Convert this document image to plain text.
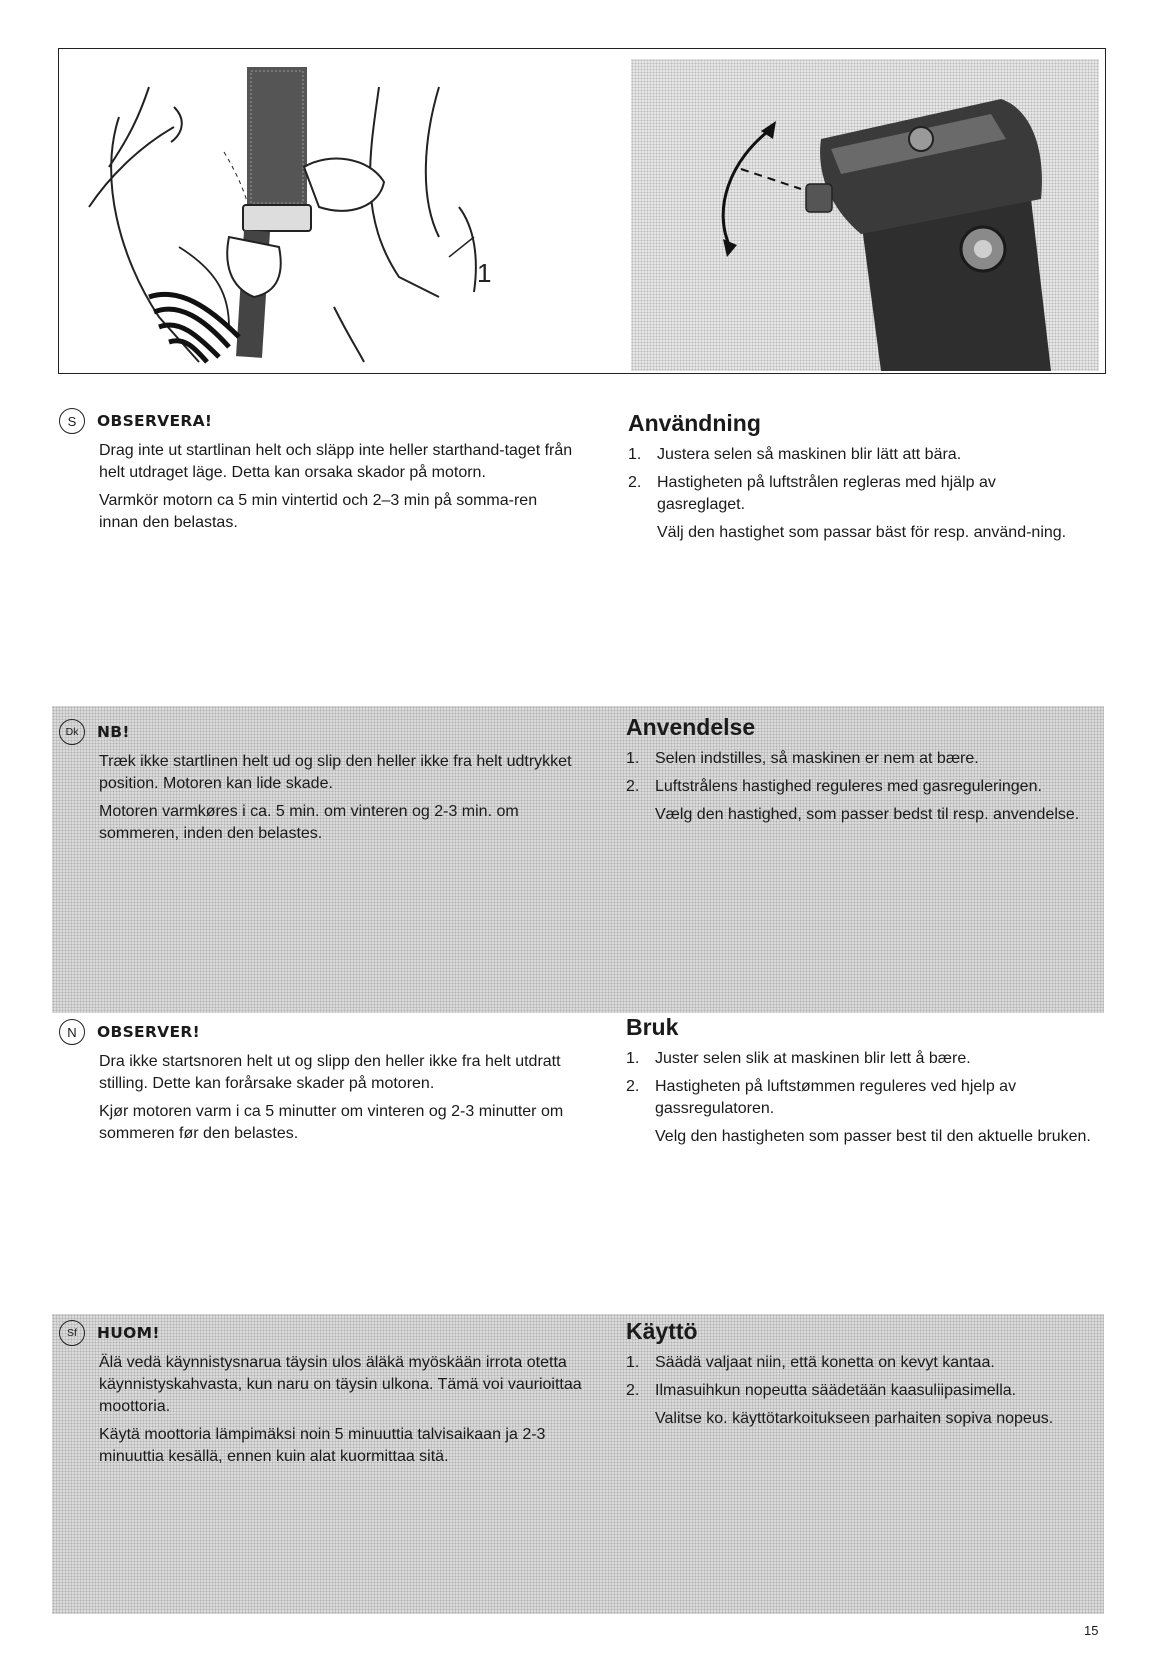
1
S	OBSERVERA!

Drag inte ut startlinan helt och släpp inte heller starthand-taget från helt utdraget läge. Detta kan orsaka skador på motorn.

Varmkör motorn ca 5 min vintertid och 2–3 min på somma-ren innan den belastas.

Användning
1. Justera selen så maskinen blir lätt att bära.
2. Hastigheten på luftstrålen regleras med hjälp av gasreglaget.
Välj den hastighet som passar bäst för resp. använd-ning.
Dk	NB!

Træk ikke startlinen helt ud og slip den heller ikke fra helt udtrykket position. Motoren kan lide skade.

Motoren varmkøres i ca. 5 min. om vinteren og 2-3 min. om sommeren, inden den belastes.

Anvendelse
1. Selen indstilles, så maskinen er nem at bære.
2. Luftstrålens hastighed reguleres med gasreguleringen.
Vælg den hastighed, som passer bedst til resp. anvendelse.
N	OBSERVER!

Dra ikke startsnoren helt ut og slipp den heller ikke fra helt utdratt stilling. Dette kan forårsake skader på motoren.

Kjør motoren varm i ca 5 minutter om vinteren og 2-3 minutter om sommeren før den belastes.

Bruk
1. Juster selen slik at maskinen blir lett å bære.
2. Hastigheten på luftstømmen reguleres ved hjelp av gassregulatoren.
Velg den hastigheten som passer best til den aktuelle bruken.
Sf	HUOM!

Älä vedä käynnistysnarua täysin ulos äläkä myöskään irrota otetta käynnistyskahvasta, kun naru on täysin ulkona. Tämä voi vaurioittaa moottoria.

Käytä moottoria lämpimäksi noin 5 minuuttia talvisaikaan ja 2-3 minuuttia kesällä, ennen kuin alat kuormittaa sitä.

Käyttö
1. Säädä valjaat niin, että konetta on kevyt kantaa.
2. Ilmasuihkun nopeutta säädetään kaasuliipasimella.
Valitse ko. käyttötarkoitukseen parhaiten sopiva nopeus.
15
